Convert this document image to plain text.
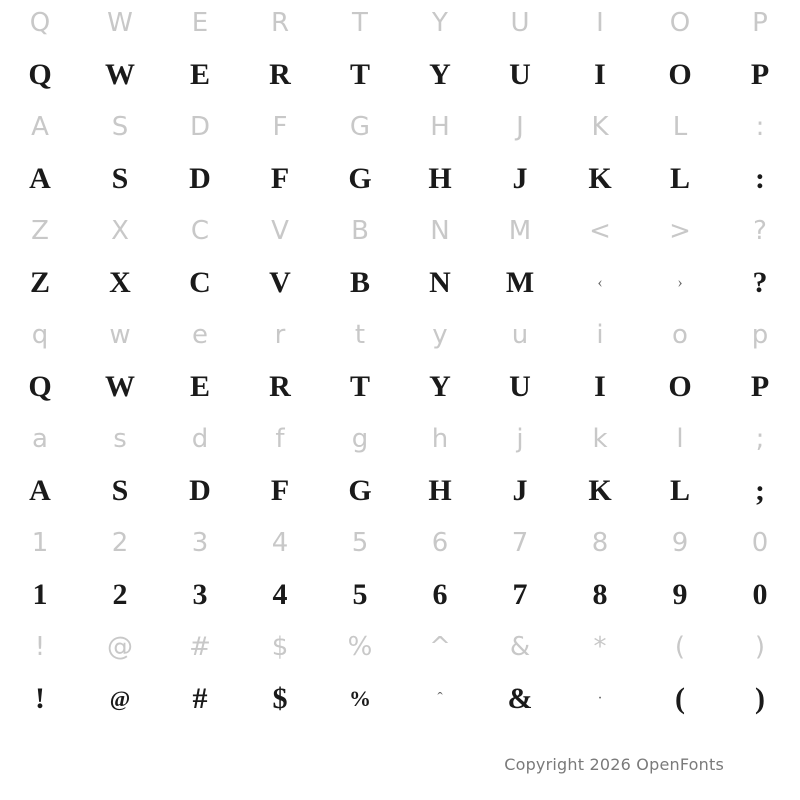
Q	W	E	R	T	Y	U	I	O	P
Q	W	E	R	T	Y	U	I	O	P
A	S	D	F	G	H	J	K	L	:
A	S	D	F	G	H	J	K	L	:
Z	X	C	V	B	N	M	<	>	?
Z	X	C	V	B	N	M	‹	›	?
q	w	e	r	t	y	u	i	o	p
Q	W	E	R	T	Y	U	I	O	P
a	s	d	f	g	h	j	k	l	;
A	S	D	F	G	H	J	K	L	;
1	2	3	4	5	6	7	8	9	0
1	2	3	4	5	6	7	8	9	0
!	@	#	$	%	^	&	*	(	)
!	@	#	$	%	ˆ	&	·	(	)
Copyright 2026 OpenFonts
